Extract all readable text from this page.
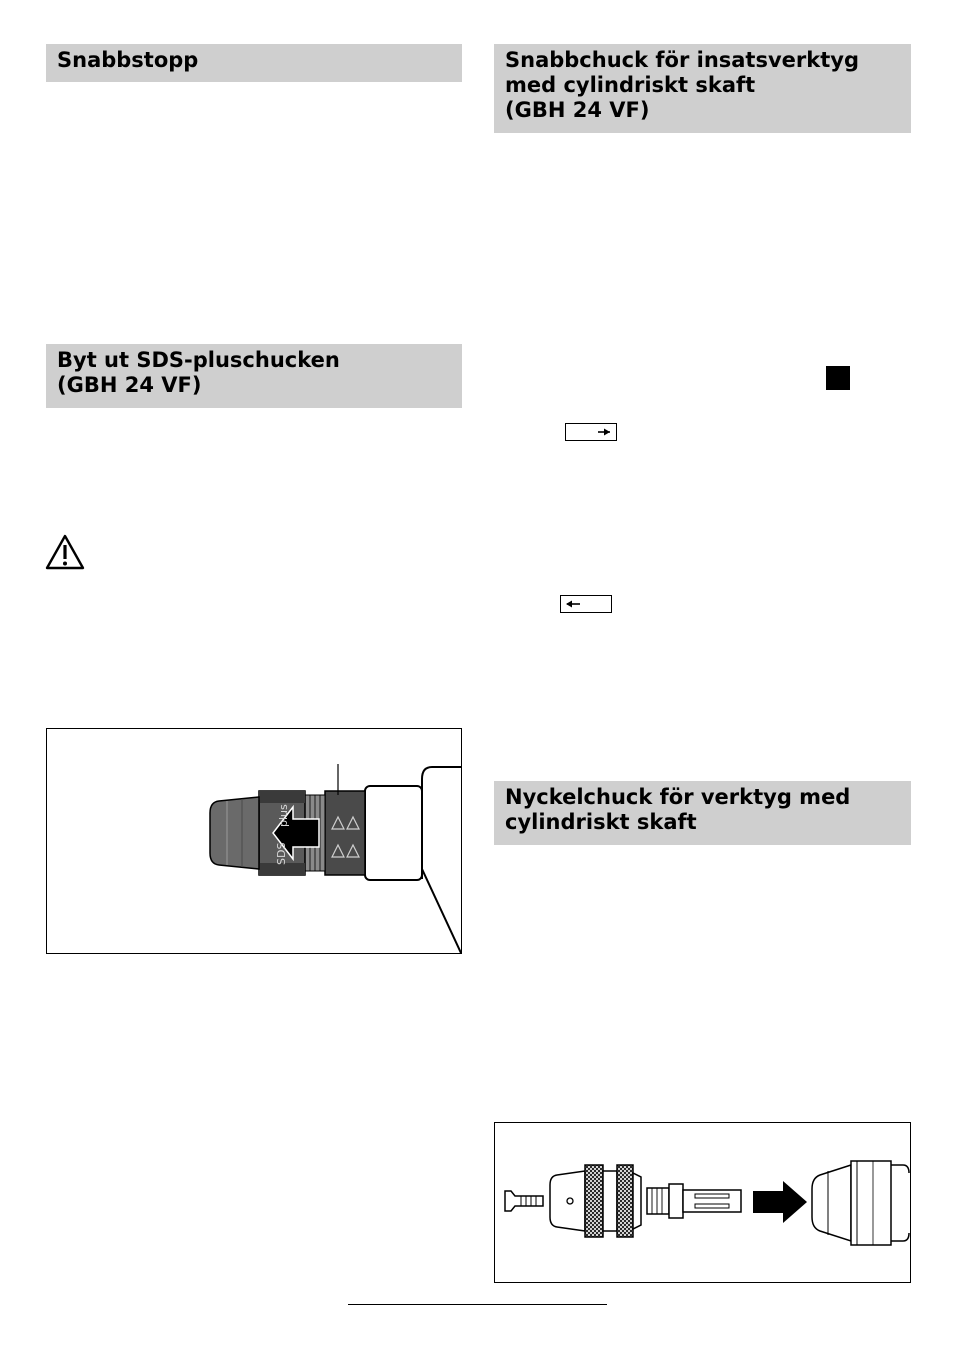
Snabbstopp
Byt ut SDS-pluschucken
(GBH 24 VF)
SDS
plus
Snabbchuck för insatsverktyg
med cylindriskt skaft
(GBH 24 VF)
Nyckelchuck för verktyg med
cylindriskt skaft
